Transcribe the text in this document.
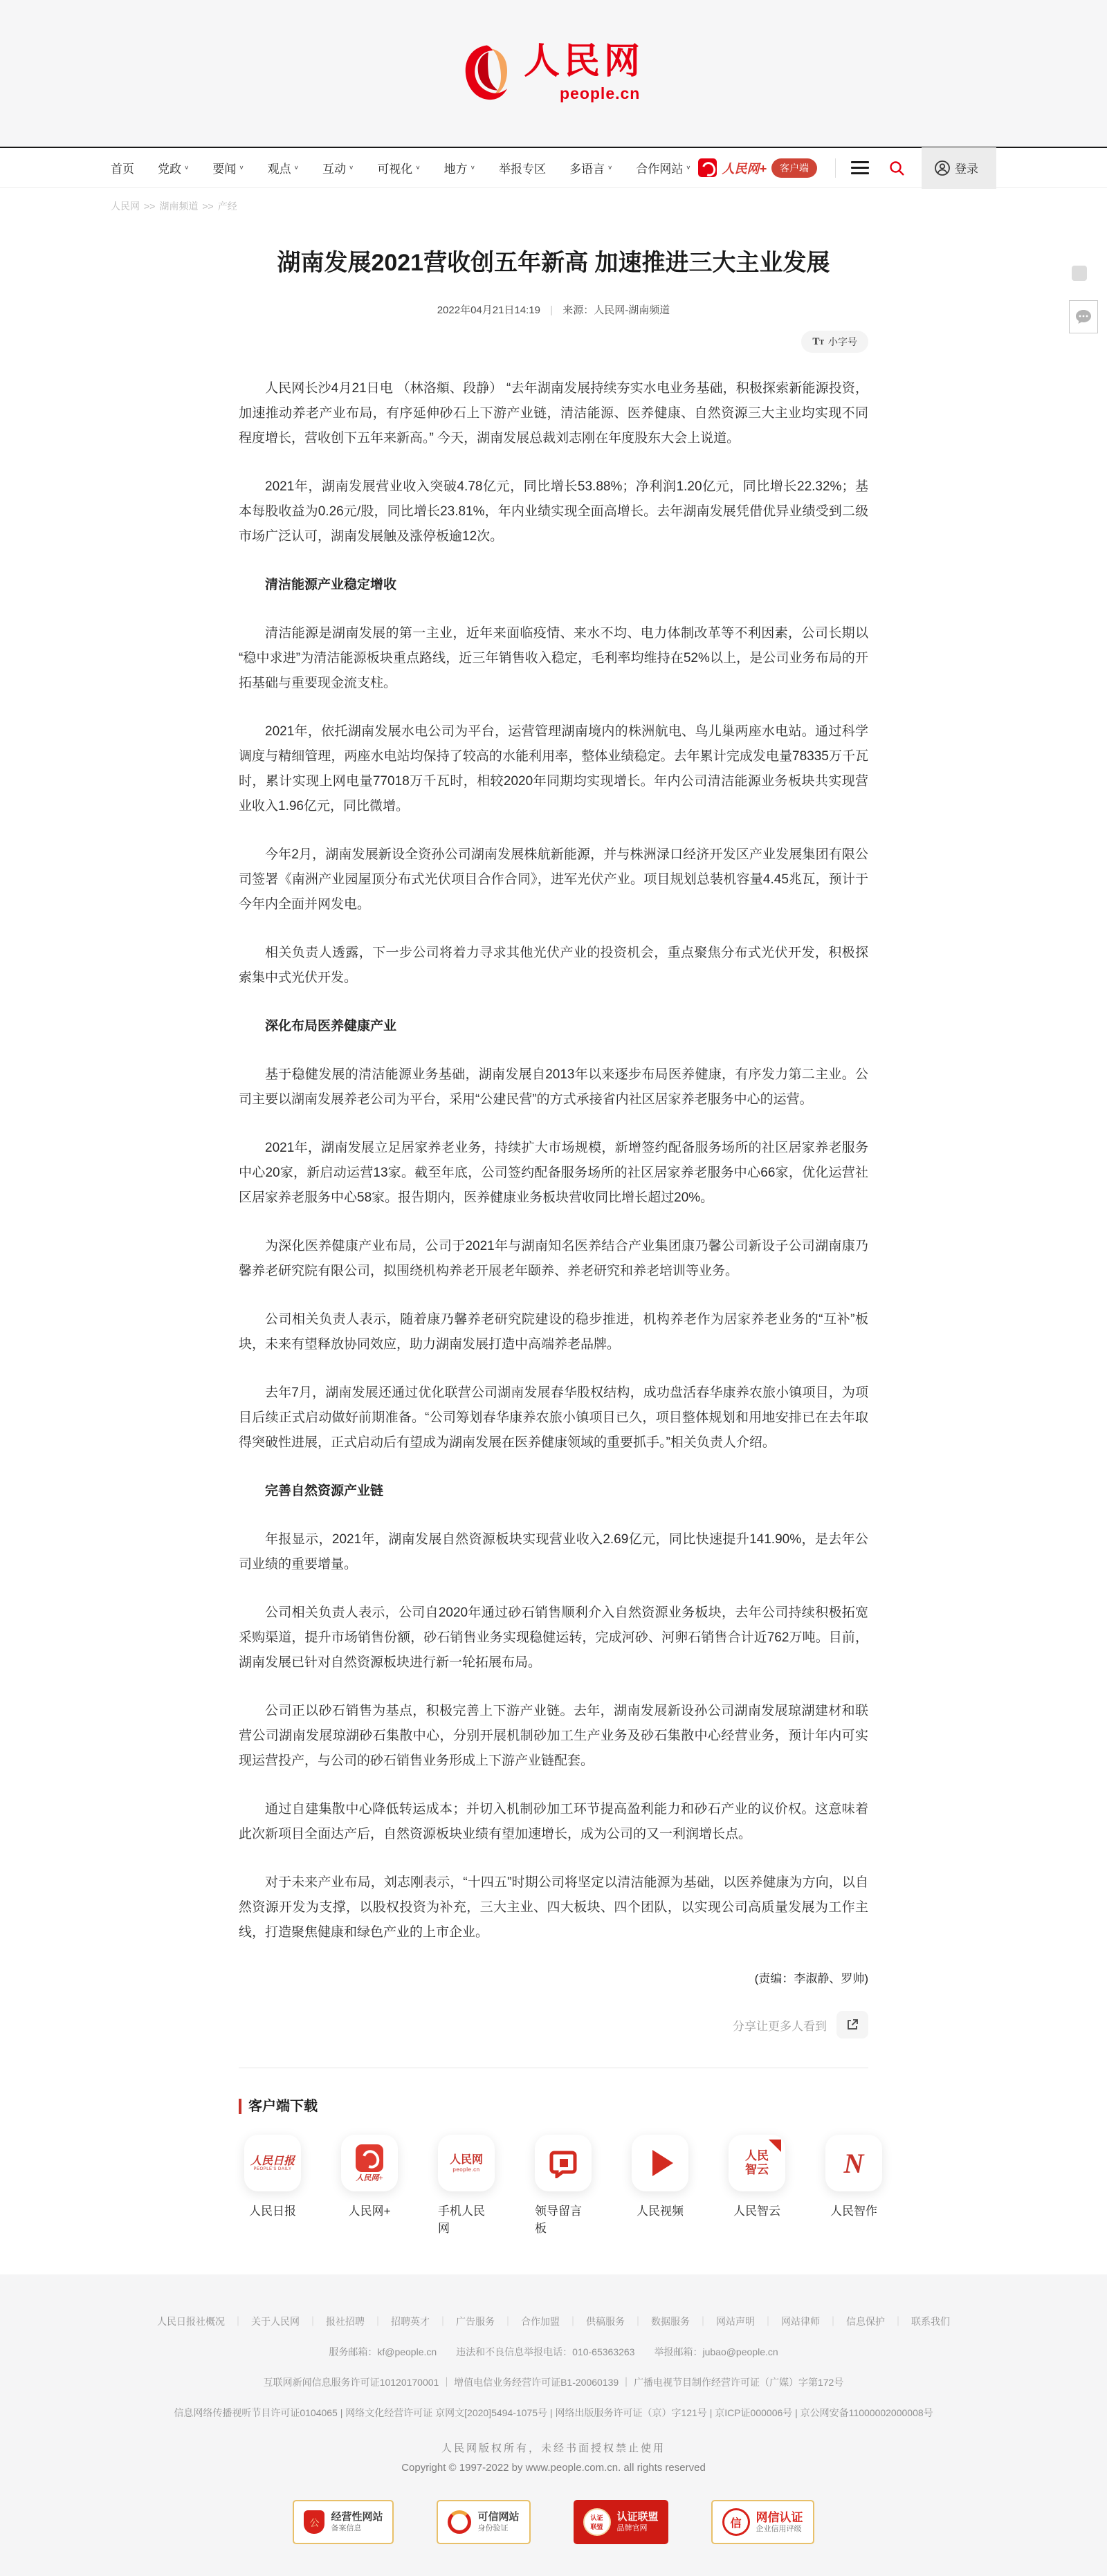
人民网
people.cn
首页 党政 ∨ 要闻 ∨ 观点 ∨ 互动 ∨ 可视化 ∨ 地方 ∨ 举报专区 多语言 ∨ 合作网站 ∨ 人民网+	客户端	登录
人民网 >> 湖南频道 >> 产经
湖南发展2021营收创五年新高 加速推进三大主业发展
2022年04月21日14:19 | 来源：人民网-湖南频道
TT 小字号

人民网长沙4月21日电 （林洛頫、段静） “去年湖南发展持续夯实水电业务基础，积极探索新能源投资，加速推动养老产业布局，有序延伸砂石上下游产业链，清洁能源、医养健康、自然资源三大主业均实现不同程度增长，营收创下五年来新高。” 今天，湖南发展总裁刘志刚在年度股东大会上说道。

2021年，湖南发展营业收入突破4.78亿元，同比增长53.88%；净利润1.20亿元，同比增长22.32%；基本每股收益为0.26元/股，同比增长23.81%，年内业绩实现全面高增长。去年湖南发展凭借优异业绩受到二级市场广泛认可，湖南发展触及涨停板逾12次。

清洁能源产业稳定增收

清洁能源是湖南发展的第一主业，近年来面临疫情、来水不均、电力体制改革等不利因素，公司长期以“稳中求进”为清洁能源板块重点路线，近三年销售收入稳定，毛利率均维持在52%以上，是公司业务布局的开拓基础与重要现金流支柱。

2021年，依托湖南发展水电公司为平台，运营管理湖南境内的株洲航电、鸟儿巢两座水电站。通过科学调度与精细管理，两座水电站均保持了较高的水能利用率，整体业绩稳定。去年累计完成发电量78335万千瓦时，累计实现上网电量77018万千瓦时，相较2020年同期均实现增长。年内公司清洁能源业务板块共实现营业收入1.96亿元，同比微增。

今年2月，湖南发展新设全资孙公司湖南发展株航新能源，并与株洲渌口经济开发区产业发展集团有限公司签署《南洲产业园屋顶分布式光伏项目合作合同》，进军光伏产业。项目规划总装机容量4.45兆瓦，预计于今年内全面并网发电。

相关负责人透露，下一步公司将着力寻求其他光伏产业的投资机会，重点聚焦分布式光伏开发，积极探索集中式光伏开发。

深化布局医养健康产业

基于稳健发展的清洁能源业务基础，湖南发展自2013年以来逐步布局医养健康，有序发力第二主业。公司主要以湖南发展养老公司为平台，采用“公建民营”的方式承接省内社区居家养老服务中心的运营。

2021年，湖南发展立足居家养老业务，持续扩大市场规模，新增签约配备服务场所的社区居家养老服务中心20家，新启动运营13家。截至年底，公司签约配备服务场所的社区居家养老服务中心66家，优化运营社区居家养老服务中心58家。报告期内，医养健康业务板块营收同比增长超过20%。

为深化医养健康产业布局，公司于2021年与湖南知名医养结合产业集团康乃馨公司新设子公司湖南康乃馨养老研究院有限公司，拟围绕机构养老开展老年颐养、养老研究和养老培训等业务。

公司相关负责人表示，随着康乃馨养老研究院建设的稳步推进，机构养老作为居家养老业务的“互补”板块，未来有望释放协同效应，助力湖南发展打造中高端养老品牌。

去年7月，湖南发展还通过优化联营公司湖南发展春华股权结构，成功盘活春华康养农旅小镇项目，为项目后续正式启动做好前期准备。“公司筹划春华康养农旅小镇项目已久，项目整体规划和用地安排已在去年取得突破性进展，正式启动后有望成为湖南发展在医养健康领域的重要抓手。”相关负责人介绍。

完善自然资源产业链

年报显示，2021年，湖南发展自然资源板块实现营业收入2.69亿元，同比快速提升141.90%，是去年公司业绩的重要增量。

公司相关负责人表示，公司自2020年通过砂石销售顺利介入自然资源业务板块，去年公司持续积极拓宽采购渠道，提升市场销售份额，砂石销售业务实现稳健运转，完成河砂、河卵石销售合计近762万吨。目前，湖南发展已针对自然资源板块进行新一轮拓展布局。

公司正以砂石销售为基点，积极完善上下游产业链。去年，湖南发展新设孙公司湖南发展琼湖建材和联营公司湖南发展琼湖砂石集散中心，分别开展机制砂加工生产业务及砂石集散中心经营业务，预计年内可实现运营投产，与公司的砂石销售业务形成上下游产业链配套。

通过自建集散中心降低转运成本；并切入机制砂加工环节提高盈利能力和砂石产业的议价权。这意味着此次新项目全面达产后，自然资源板块业绩有望加速增长，成为公司的又一利润增长点。

对于未来产业布局，刘志刚表示，“十四五”时期公司将坚定以清洁能源为基础，以医养健康为方向，以自然资源开发为支撑，以股权投资为补充，三大主业、四大板块、四个团队，以实现公司高质量发展为工作主线，打造聚焦健康和绿色产业的上市企业。

(责编：李淑静、罗帅)
分享让更多人看到
客户端下载
人民日报
PEOPLE’S DAILY
人民日报
人民网+
人民网+
人民网
people.cn
手机人民网
领导留言板
人民视频
人民
智云
人民智云
N
人民智作
人民日报社概况 ｜ 关于人民网 ｜ 报社招聘 ｜ 招聘英才 ｜ 广告服务 ｜ 合作加盟 ｜ 供稿服务 ｜ 数据服务 ｜ 网站声明 ｜ 网站律师 ｜ 信息保护 ｜ 联系我们
服务邮箱：kf@people.cn　　违法和不良信息举报电话：010-65363263　　举报邮箱：jubao@people.cn
互联网新闻信息服务许可证10120170001 ｜ 增值电信业务经营许可证B1-20060139 ｜ 广播电视节目制作经营许可证（广媒）字第172号
信息网络传播视听节目许可证0104065 | 网络文化经营许可证 京网文[2020]5494-1075号 | 网络出版服务许可证（京）字121号 | 京ICP证000006号 | 京公网安备11000002000008号
人民网版权所有，未经书面授权禁止使用
Copyright © 1997-2022 by www.people.com.cn. all rights reserved
公
经营性网站
备案信息
可信网站
身份验证
认证
联盟
认证联盟
品牌官网	信	网信认证
企业信用评级
